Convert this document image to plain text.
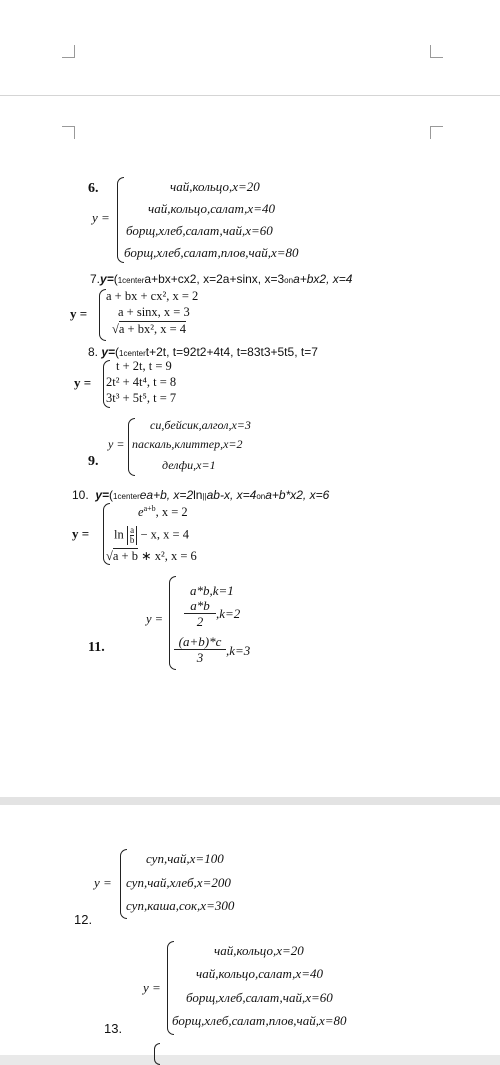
6.
y =
чай,кольцо,x=20
чай,кольцо,салат,x=40
борщ,хлеб,салат,чай,x=60
борщ,хлеб,салат,плов,чай,x=80
7.y=(1centera+bx+cx2, x=2a+sinx, x=3ona+bx2, x=4
y =
a + bx + cx², x = 2
a + sinx, x = 3
√a + bx², x = 4
8. y=(1centert+2t, t=92t2+4t4, t=83t3+5t5, t=7
y =
t + 2t, t = 9
2t² + 4t⁴, t = 8
3t³ + 5t⁵, t = 7
y =
си,бейсик,алгол,x=3
паскаль,клиттер,x=2
делфи,x=1
9.
10. y=(1centerea+b, x=2ln||ab-x, x=4ona+b*x2, x=6
y =
$e^{a+b}$, x = 2
$\ln \frac{a}{b} - x$, x = 4
√a + b ∗ x², x = 6
y =
a*b,k=1
$\frac{a*b}{2} ,k=2$
$\frac{(a+b)*c}{3} ,k=3$
11.
y =
суп,чай,x=100
суп,чай,хлеб,x=200
суп,каша,сок,x=300
12.
y =
чай,кольцо,x=20
чай,кольцо,салат,x=40
борщ,хлеб,салат,чай,x=60
борщ,хлеб,салат,плов,чай,x=80
13.
